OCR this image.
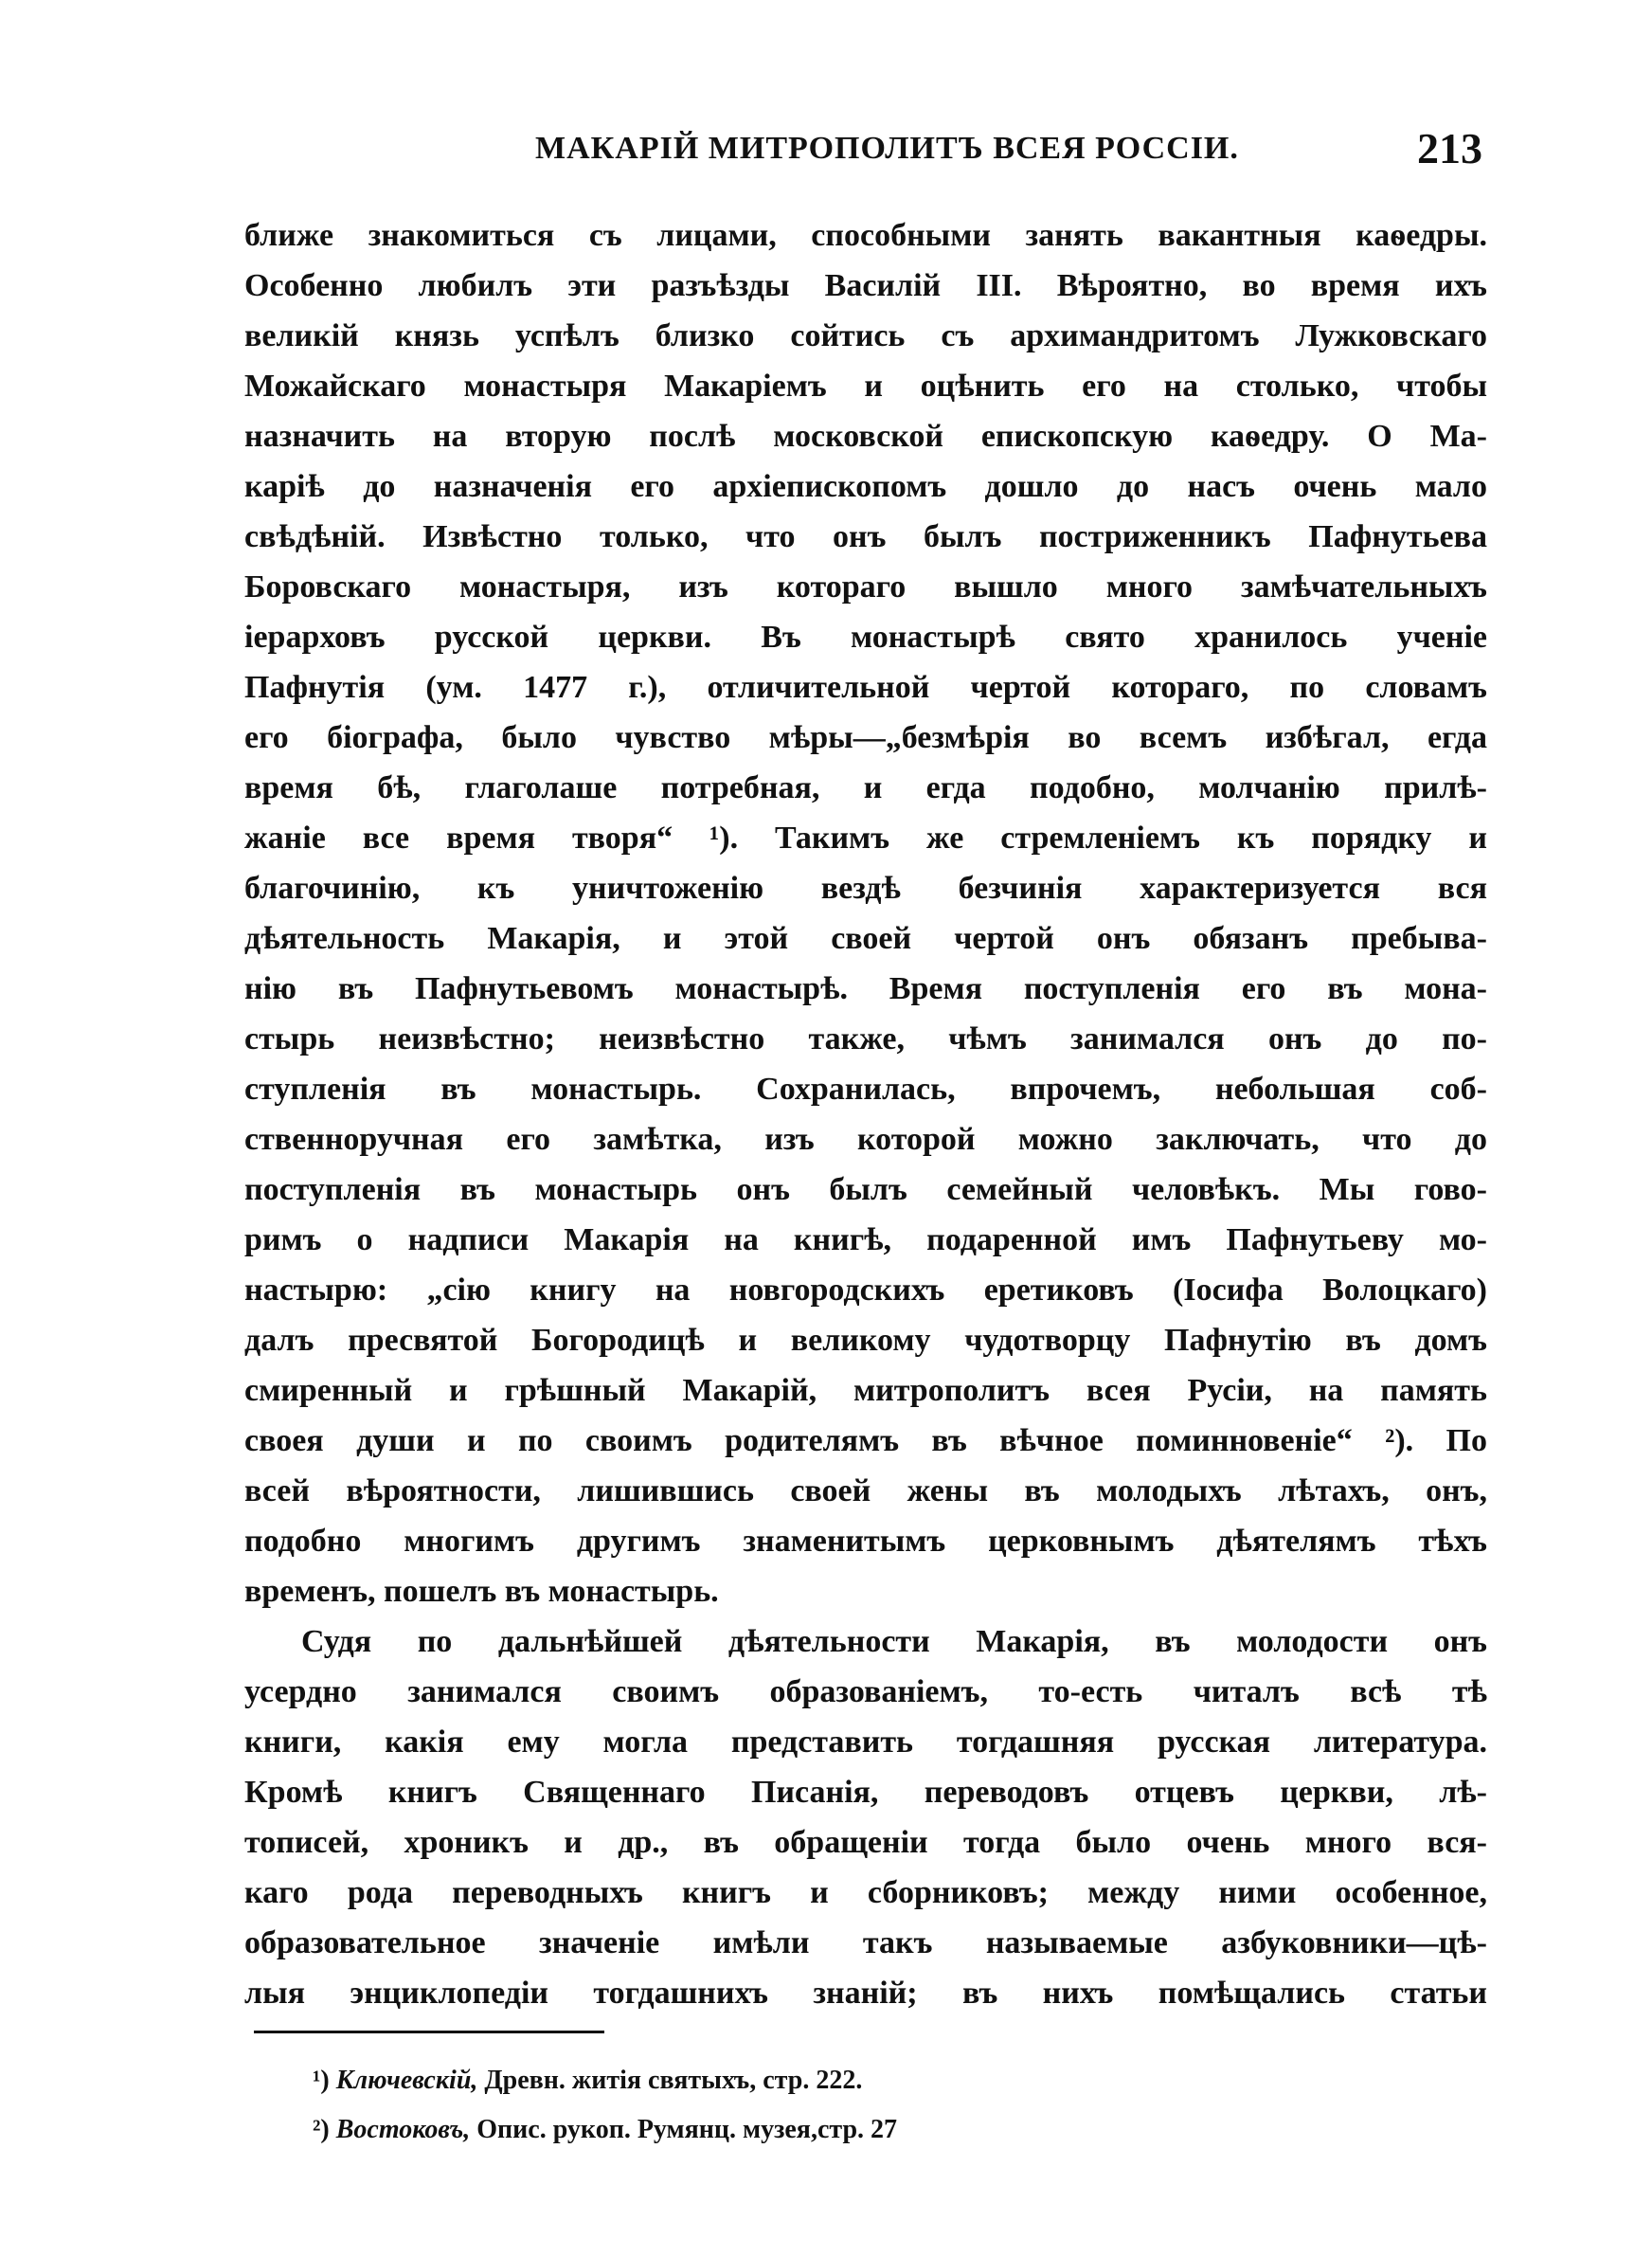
МАКАРІЙ МИТРОПОЛИТЪ ВСЕЯ РОССІИ.	213
ближе знакомиться съ лицами, способными занять вакантныя каѳедры.
Особенно любилъ эти разъѣзды Василій III. Вѣроятно, во время ихъ
великій князь успѣлъ близко сойтись съ архимандритомъ Лужковскаго
Можайскаго монастыря Макаріемъ и оцѣнить его на столько, чтобы
назначить на вторую послѣ московской епископскую каѳедру. О Ма-
каріѣ до назначенія его архіепископомъ дошло до насъ очень мало
свѣдѣній. Извѣстно только, что онъ былъ постриженникъ Пафнутьева
Боровскаго монастыря, изъ котораго вышло много замѣчательныхъ
іерарховъ русской церкви. Въ монастырѣ свято хранилось ученіе
Пафнутія (ум. 1477 г.), отличительной чертой котораго, по словамъ
его біографа, было чувство мѣры—„безмѣрія во всемъ избѣгал, егда
время бѣ, глаголаше потребная, и егда подобно, молчанію прилѣ-
жаніе все время творя“ ¹). Такимъ же стремленіемъ къ порядку и
благочинію, къ уничтоженію вездѣ безчинія характеризуется вся
дѣятельность Макарія, и этой своей чертой онъ обязанъ пребыва-
нію въ Пафнутьевомъ монастырѣ. Время поступленія его въ мона-
стырь неизвѣстно; неизвѣстно также, чѣмъ занимался онъ до по-
ступленія въ монастырь. Сохранилась, впрочемъ, небольшая соб-
ственноручная его замѣтка, изъ которой можно заключать, что до
поступленія въ монастырь онъ былъ семейный человѣкъ. Мы гово-
римъ о надписи Макарія на книгѣ, подаренной имъ Пафнутьеву мо-
настырю: „сію книгу на новгородскихъ еретиковъ (Іосифа Волоцкаго)
далъ пресвятой Богородицѣ и великому чудотворцу Пафнутію въ домъ
смиренный и грѣшный Макарій, митрополитъ всея Русіи, на память
своея души и по своимъ родителямъ въ вѣчное поминновеніе“ ²). По
всей вѣроятности, лишившись своей жены въ молодыхъ лѣтахъ, онъ,
подобно многимъ другимъ знаменитымъ церковнымъ дѣятелямъ тѣхъ
временъ, пошелъ въ монастырь.
Судя по дальнѣйшей дѣятельности Макарія, въ молодости онъ
усердно занимался своимъ образованіемъ, то-есть читалъ всѣ тѣ
книги, какія ему могла представить тогдашняя русская литература.
Кромѣ книгъ Священнаго Писанія, переводовъ отцевъ церкви, лѣ-
тописей, хроникъ и др., въ обращеніи тогда было очень много вся-
каго рода переводныхъ книгъ и сборниковъ; между ними особенное,
образовательное значеніе имѣли такъ называемые азбуковники—цѣ-
лыя энциклопедіи тогдашнихъ знаній; въ нихъ помѣщались статьи
¹) Ключевскій, Древн. житія святыхъ, стр. 222.
²) Востоковъ, Опис. рукоп. Румянц. музея,стр. 27
